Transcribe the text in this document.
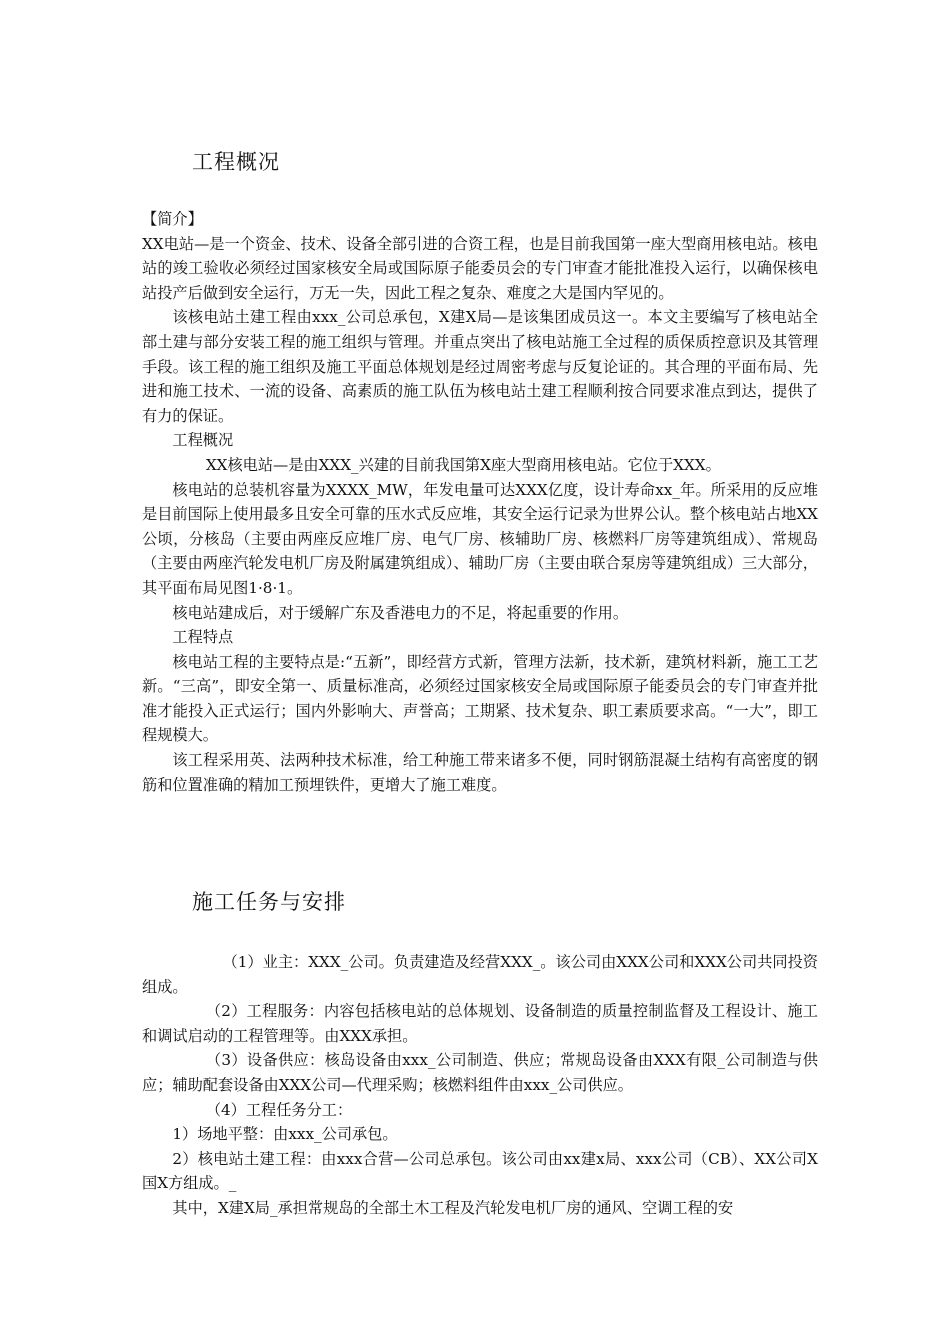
工程概况

【简介】

XX电站—是一个资金、技术、设备全部引进的合资工程，也是目前我国第一座大型商用核电站。核电站的竣工验收必须经过国家核安全局或国际原子能委员会的专门审查才能批准投入运行，以确保核电站投产后做到安全运行，万无一失，因此工程之复杂、难度之大是国内罕见的。

该核电站土建工程由xxx_公司总承包，X建X局—是该集团成员这一。本文主要编写了核电站全部土建与部分安装工程的施工组织与管理。并重点突出了核电站施工全过程的质保质控意识及其管理手段。该工程的施工组织及施工平面总体规划是经过周密考虑与反复论证的。其合理的平面布局、先进和施工技术、一流的设备、高素质的施工队伍为核电站土建工程顺利按合同要求准点到达，提供了有力的保证。

工程概况

XX核电站—是由XXX_兴建的目前我国第X座大型商用核电站。它位于XXX。

核电站的总装机容量为XXXX_MW，年发电量可达XXX亿度，设计寿命xx_年。所采用的反应堆是目前国际上使用最多且安全可靠的压水式反应堆，其安全运行记录为世界公认。整个核电站占地XX公顷，分核岛（主要由两座反应堆厂房、电气厂房、核辅助厂房、核燃料厂房等建筑组成）、常规岛（主要由两座汽轮发电机厂房及附属建筑组成）、辅助厂房（主要由联合泵房等建筑组成）三大部分，其平面布局见图1·8·1。

核电站建成后，对于缓解广东及香港电力的不足，将起重要的作用。

工程特点

核电站工程的主要特点是:“五新”，即经营方式新，管理方法新，技术新，建筑材料新，施工工艺新。“三高”，即安全第一、质量标准高，必须经过国家核安全局或国际原子能委员会的专门审查并批准才能投入正式运行；国内外影响大、声誉高；工期紧、技术复杂、职工素质要求高。“一大”，即工程规模大。

该工程采用英、法两种技术标准，给工种施工带来诸多不便，同时钢筋混凝土结构有高密度的钢筋和位置准确的精加工预埋铁件，更增大了施工难度。

施工任务与安排

（1）业主：XXX_公司。负责建造及经营XXX_。该公司由XXX公司和XXX公司共同投资组成。

（2）工程服务：内容包括核电站的总体规划、设备制造的质量控制监督及工程设计、施工和调试启动的工程管理等。由XXX承担。

（3）设备供应：核岛设备由xxx_公司制造、供应；常规岛设备由XXX有限_公司制造与供应；辅助配套设备由XXX公司—代理采购；核燃料组件由xxx_公司供应。

（4）工程任务分工：

1）场地平整：由xxx_公司承包。

2）核电站土建工程：由xxx合营—公司总承包。该公司由xx建x局、xxx公司（CB）、XX公司X国X方组成。_

其中，X建X局_承担常规岛的全部土木工程及汽轮发电机厂房的通风、空调工程的安
